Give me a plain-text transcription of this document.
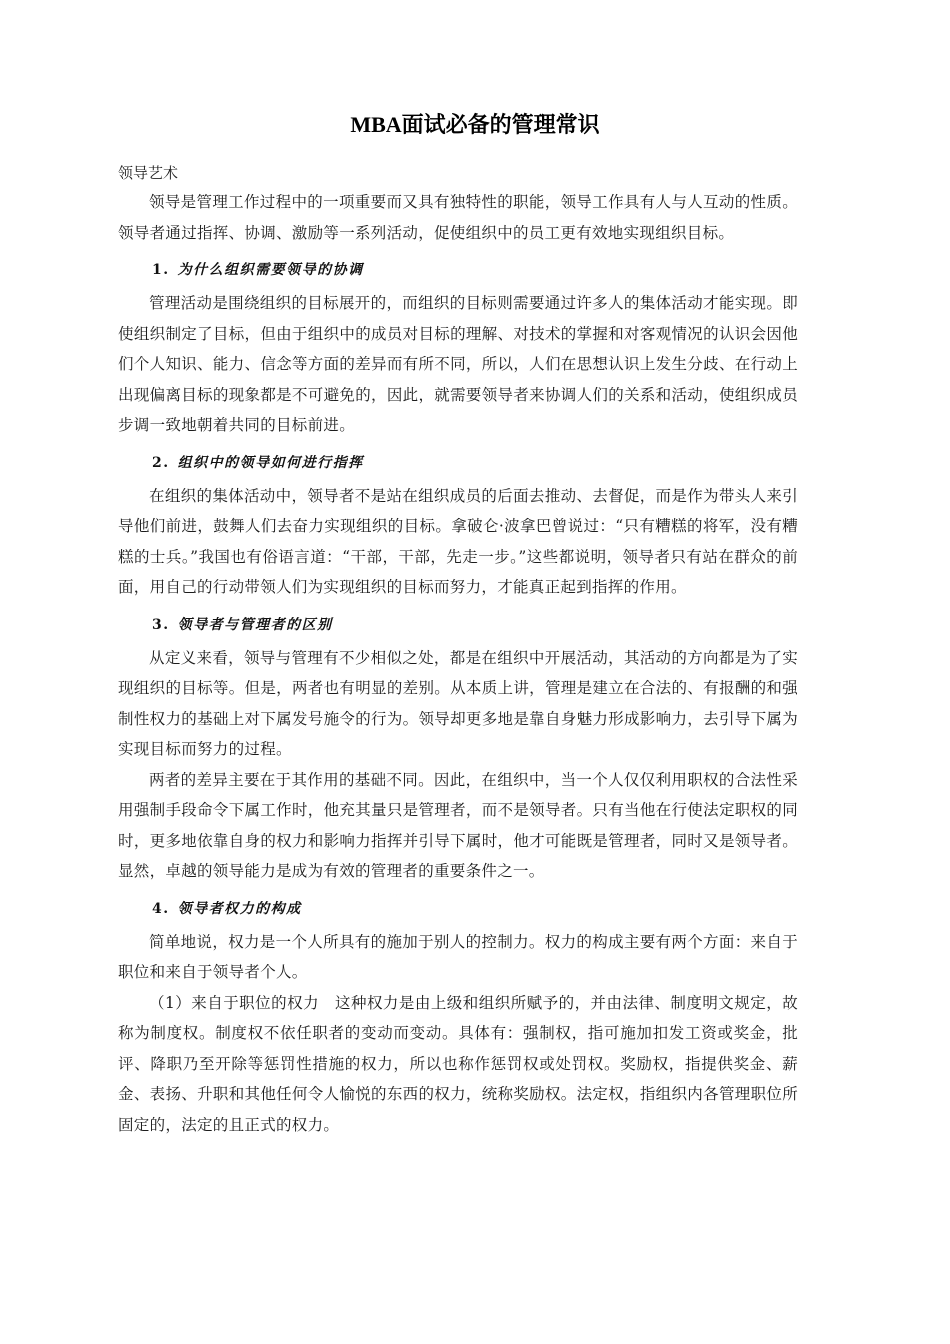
MBA面试必备的管理常识
领导艺术

领导是管理工作过程中的一项重要而又具有独特性的职能，领导工作具有人与人互动的性质。领导者通过指挥、协调、激励等一系列活动，促使组织中的员工更有效地实现组织目标。

1. 为什么组织需要领导的协调

管理活动是围绕组织的目标展开的，而组织的目标则需要通过许多人的集体活动才能实现。即使组织制定了目标，但由于组织中的成员对目标的理解、对技术的掌握和对客观情况的认识会因他们个人知识、能力、信念等方面的差异而有所不同，所以，人们在思想认识上发生分歧、在行动上出现偏离目标的现象都是不可避免的，因此，就需要领导者来协调人们的关系和活动，使组织成员步调一致地朝着共同的目标前进。

2. 组织中的领导如何进行指挥

在组织的集体活动中，领导者不是站在组织成员的后面去推动、去督促，而是作为带头人来引导他们前进，鼓舞人们去奋力实现组织的目标。拿破仑·波拿巴曾说过：“只有糟糕的将军，没有糟糕的士兵。”我国也有俗语言道：“干部，干部，先走一步。”这些都说明，领导者只有站在群众的前面，用自己的行动带领人们为实现组织的目标而努力，才能真正起到指挥的作用。

3. 领导者与管理者的区别

从定义来看，领导与管理有不少相似之处，都是在组织中开展活动，其活动的方向都是为了实现组织的目标等。但是，两者也有明显的差别。从本质上讲，管理是建立在合法的、有报酬的和强制性权力的基础上对下属发号施令的行为。领导却更多地是靠自身魅力形成影响力，去引导下属为实现目标而努力的过程。

两者的差异主要在于其作用的基础不同。因此，在组织中，当一个人仅仅利用职权的合法性采用强制手段命令下属工作时，他充其量只是管理者，而不是领导者。只有当他在行使法定职权的同时，更多地依靠自身的权力和影响力指挥并引导下属时，他才可能既是管理者，同时又是领导者。显然，卓越的领导能力是成为有效的管理者的重要条件之一。

4. 领导者权力的构成

简单地说，权力是一个人所具有的施加于别人的控制力。权力的构成主要有两个方面：来自于职位和来自于领导者个人。

（1）来自于职位的权力　这种权力是由上级和组织所赋予的，并由法律、制度明文规定，故称为制度权。制度权不依任职者的变动而变动。具体有：强制权，指可施加扣发工资或奖金，批评、降职乃至开除等惩罚性措施的权力，所以也称作惩罚权或处罚权。奖励权，指提供奖金、薪金、表扬、升职和其他任何令人愉悦的东西的权力，统称奖励权。法定权，指组织内各管理职位所固定的，法定的且正式的权力。
